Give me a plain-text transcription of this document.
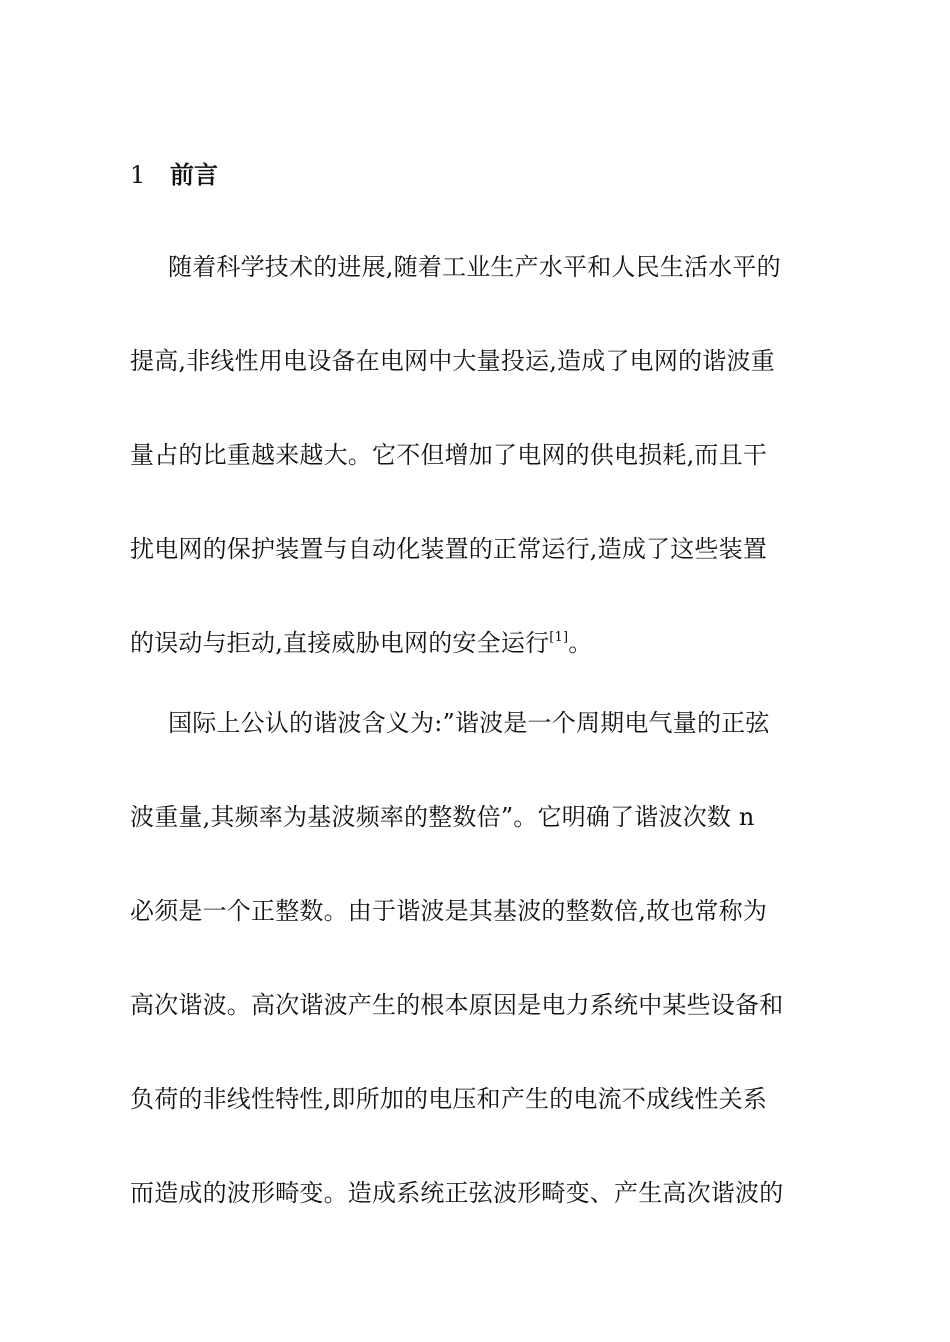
1 前言
随着科学技术的进展,随着工业生产水平和人民生活水平的
提高,非线性用电设备在电网中大量投运,造成了电网的谐波重
量占的比重越来越大。它不但增加了电网的供电损耗,而且干
扰电网的保护装置与自动化装置的正常运行,造成了这些装置
的误动与拒动,直接威胁电网的安全运行[1]。
国际上公认的谐波含义为:”谐波是一个周期电气量的正弦
波重量,其频率为基波频率的整数倍”。它明确了谐波次数 n
必须是一个正整数。由于谐波是其基波的整数倍,故也常称为
高次谐波。高次谐波产生的根本原因是电力系统中某些设备和
负荷的非线性特性,即所加的电压和产生的电流不成线性关系
而造成的波形畸变。造成系统正弦波形畸变、产生高次谐波的
